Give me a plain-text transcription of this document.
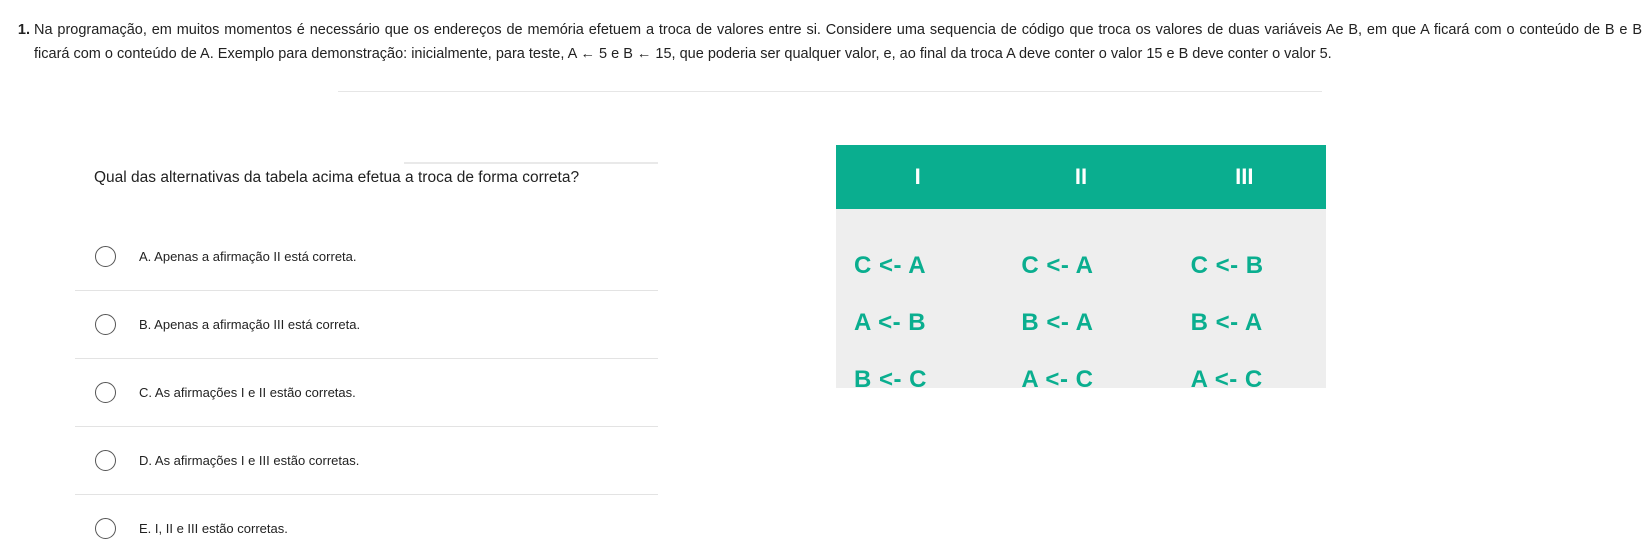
1. Na programação, em muitos momentos é necessário que os endereços de memória efetuem a troca de valores entre si. Considere uma sequencia de código que troca os valores de duas variáveis Ae B, em que A ficará com o conteúdo de B e B ficará com o conteúdo de A. Exemplo para demonstração: inicialmente, para teste, A ← 5 e B ← 15, que poderia ser qualquer valor, e, ao final da troca A deve conter o valor 15 e B deve conter o valor 5.
Qual das alternativas da tabela acima efetua a troca de forma correta?
A. Apenas a afirmação II está correta.
B. Apenas a afirmação III está correta.
C. As afirmações I e II estão corretas.
D. As afirmações I e III estão corretas.
E. I, II e III estão corretas.
I	II	III
C <- A	C <- A	C <- B
A <- B	B <- A	B <- A
B <- C	A <- C	A <- C
